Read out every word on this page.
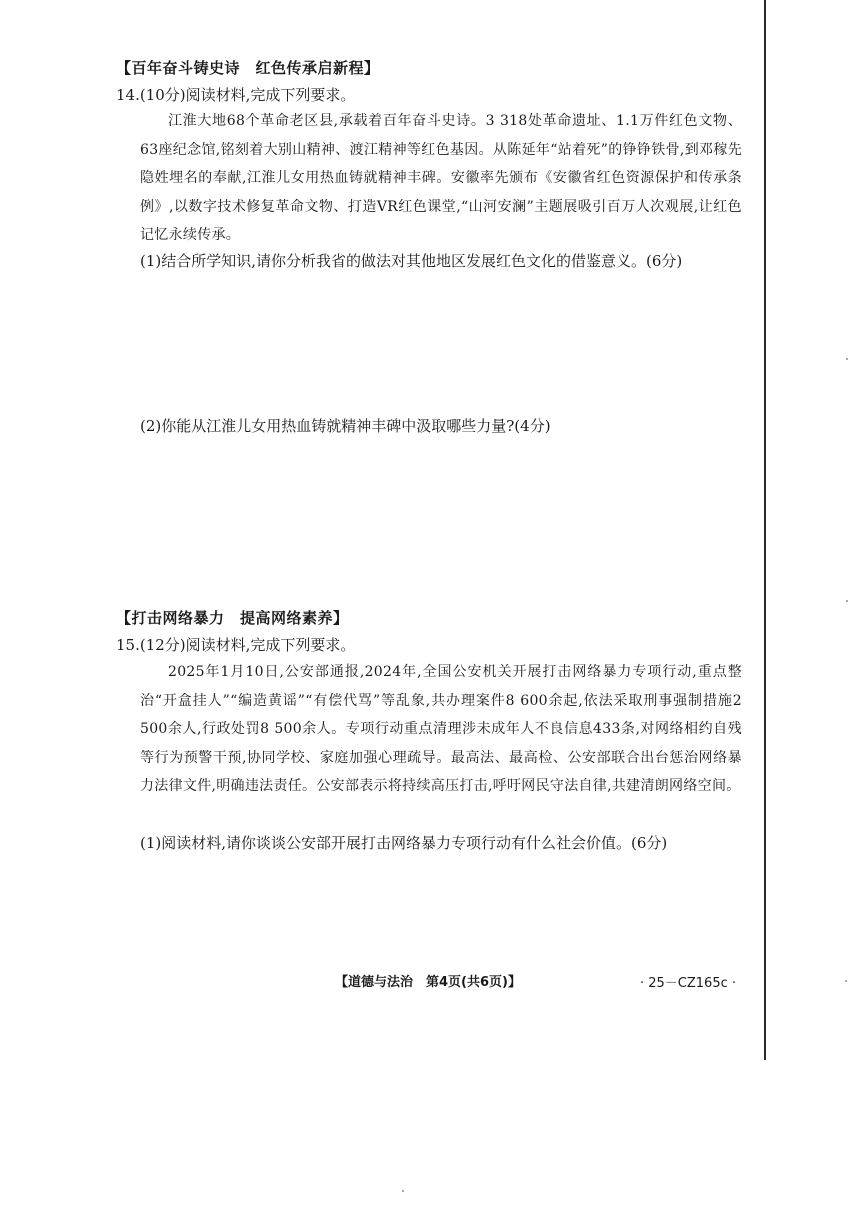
【百年奋斗铸史诗　红色传承启新程】
14.(10分)阅读材料,完成下列要求。
江淮大地68个革命老区县,承载着百年奋斗史诗。3 318处革命遗址、1.1万件红色文物、63座纪念馆,铭刻着大别山精神、渡江精神等红色基因。从陈延年“站着死”的铮铮铁骨,到邓稼先隐姓埋名的奉献,江淮儿女用热血铸就精神丰碑。安徽率先颁布《安徽省红色资源保护和传承条例》,以数字技术修复革命文物、打造VR红色课堂,“山河安澜”主题展吸引百万人次观展,让红色记忆永续传承。
(1)结合所学知识,请你分析我省的做法对其他地区发展红色文化的借鉴意义。(6分)
(2)你能从江淮儿女用热血铸就精神丰碑中汲取哪些力量?(4分)
【打击网络暴力　提高网络素养】
15.(12分)阅读材料,完成下列要求。
2025年1月10日,公安部通报,2024年,全国公安机关开展打击网络暴力专项行动,重点整治“开盒挂人”“编造黄谣”“有偿代骂”等乱象,共办理案件8 600余起,依法采取刑事强制措施2 500余人,行政处罚8 500余人。专项行动重点清理涉未成年人不良信息433条,对网络相约自残等行为预警干预,协同学校、家庭加强心理疏导。最高法、最高检、公安部联合出台惩治网络暴力法律文件,明确违法责任。公安部表示将持续高压打击,呼吁网民守法自律,共建清朗网络空间。
(1)阅读材料,请你谈谈公安部开展打击网络暴力专项行动有什么社会价值。(6分)
【道德与法治　第4页(共6页)】	· 25－CZ165c ·
